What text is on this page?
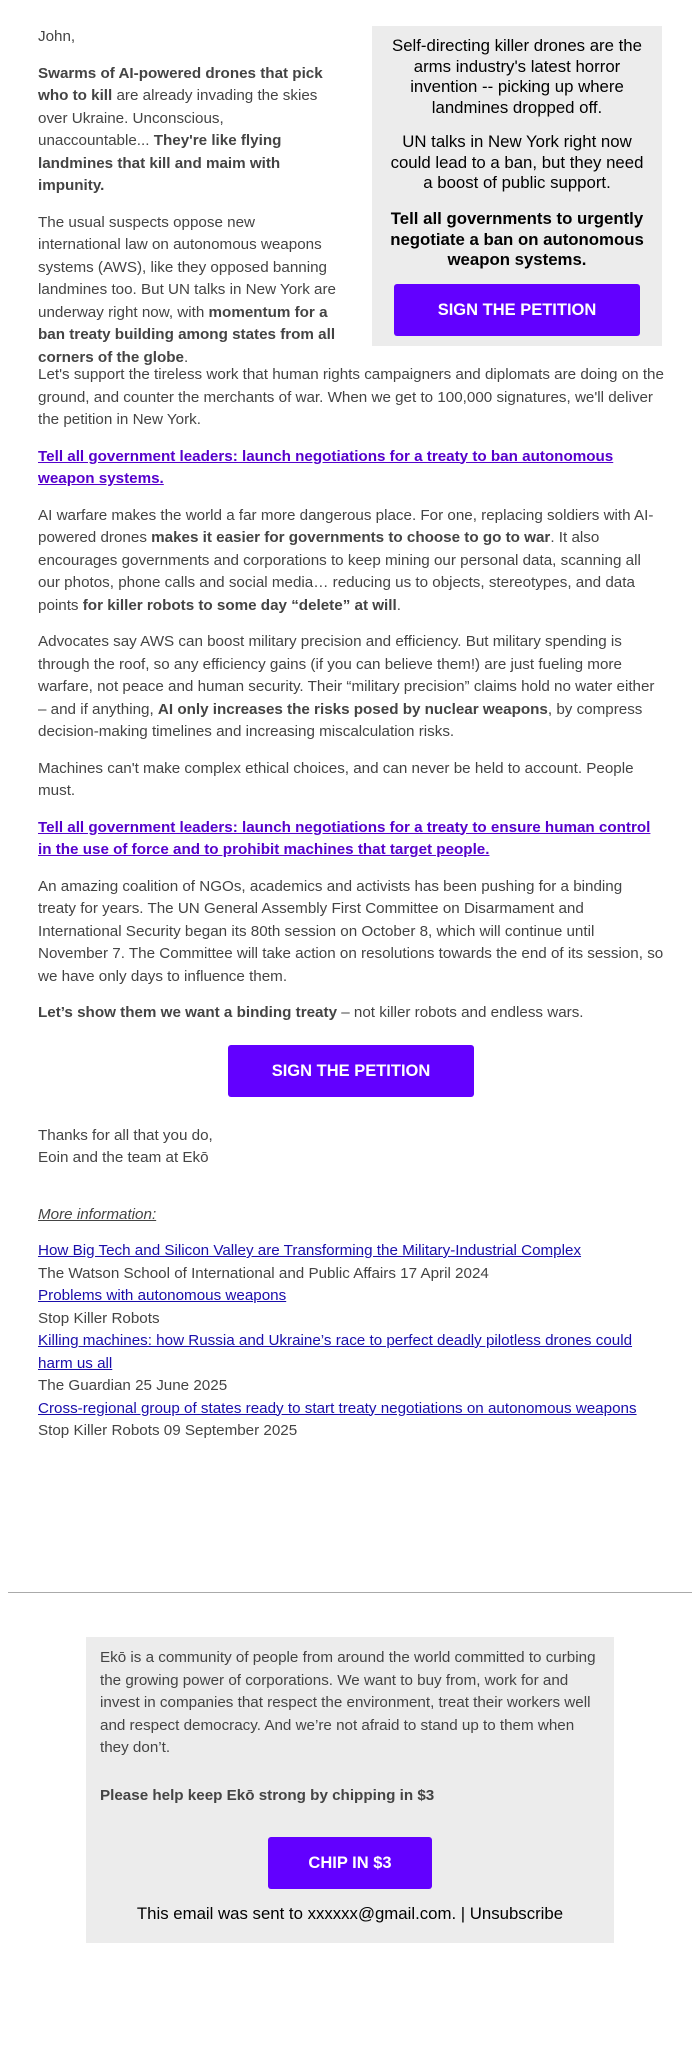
John,

Swarms of AI-powered drones that pick who to kill are already invading the skies over Ukraine. Unconscious, unaccountable... They're like flying landmines that kill and maim with impunity.

The usual suspects oppose new international law on autonomous weapons systems (AWS), like they opposed banning landmines too. But UN talks in New York are underway right now, with momentum for a ban treaty building among states from all corners of the globe.

Self-directing killer drones are the arms industry's latest horror invention -- picking up where landmines dropped off.

UN talks in New York right now could lead to a ban, but they need a boost of public support.

Tell all governments to urgently negotiate a ban on autonomous weapon systems.

SIGN THE PETITION

Let's support the tireless work that human rights campaigners and diplomats are doing on the ground, and counter the merchants of war. When we get to 100,000 signatures, we'll deliver the petition in New York.

Tell all government leaders: launch negotiations for a treaty to ban autonomous weapon systems.

AI warfare makes the world a far more dangerous place. For one, replacing soldiers with AI-powered drones makes it easier for governments to choose to go to war. It also encourages governments and corporations to keep mining our personal data, scanning all our photos, phone calls and social media… reducing us to objects, stereotypes, and data points for killer robots to some day “delete” at will.

Advocates say AWS can boost military precision and efficiency. But military spending is through the roof, so any efficiency gains (if you can believe them!) are just fueling more warfare, not peace and human security. Their “military precision” claims hold no water either – and if anything, AI only increases the risks posed by nuclear weapons, by compress decision-making timelines and increasing miscalculation risks.

Machines can't make complex ethical choices, and can never be held to account. People must.

Tell all government leaders: launch negotiations for a treaty to ensure human control in the use of force and to prohibit machines that target people.

An amazing coalition of NGOs, academics and activists has been pushing for a binding treaty for years. The UN General Assembly First Committee on Disarmament and International Security began its 80th session on October 8, which will continue until November 7. The Committee will take action on resolutions towards the end of its session, so we have only days to influence them.

Let’s show them we want a binding treaty – not killer robots and endless wars.

SIGN THE PETITION

Thanks for all that you do,

Eoin and the team at Ekō

More information:

How Big Tech and Silicon Valley are Transforming the Military-Industrial Complex
The Watson School of International and Public Affairs 17 April 2024
Problems with autonomous weapons
Stop Killer Robots
Killing machines: how Russia and Ukraine’s race to perfect deadly pilotless drones could harm us all
The Guardian 25 June 2025
Cross-regional group of states ready to start treaty negotiations on autonomous weapons
Stop Killer Robots 09 September 2025

Ekō is a community of people from around the world committed to curbing the growing power of corporations. We want to buy from, work for and invest in companies that respect the environment, treat their workers well and respect democracy. And we’re not afraid to stand up to them when they don’t.

Please help keep Ekō strong by chipping in $3

CHIP IN $3

This email was sent to xxxxxx@gmail.com. | Unsubscribe
